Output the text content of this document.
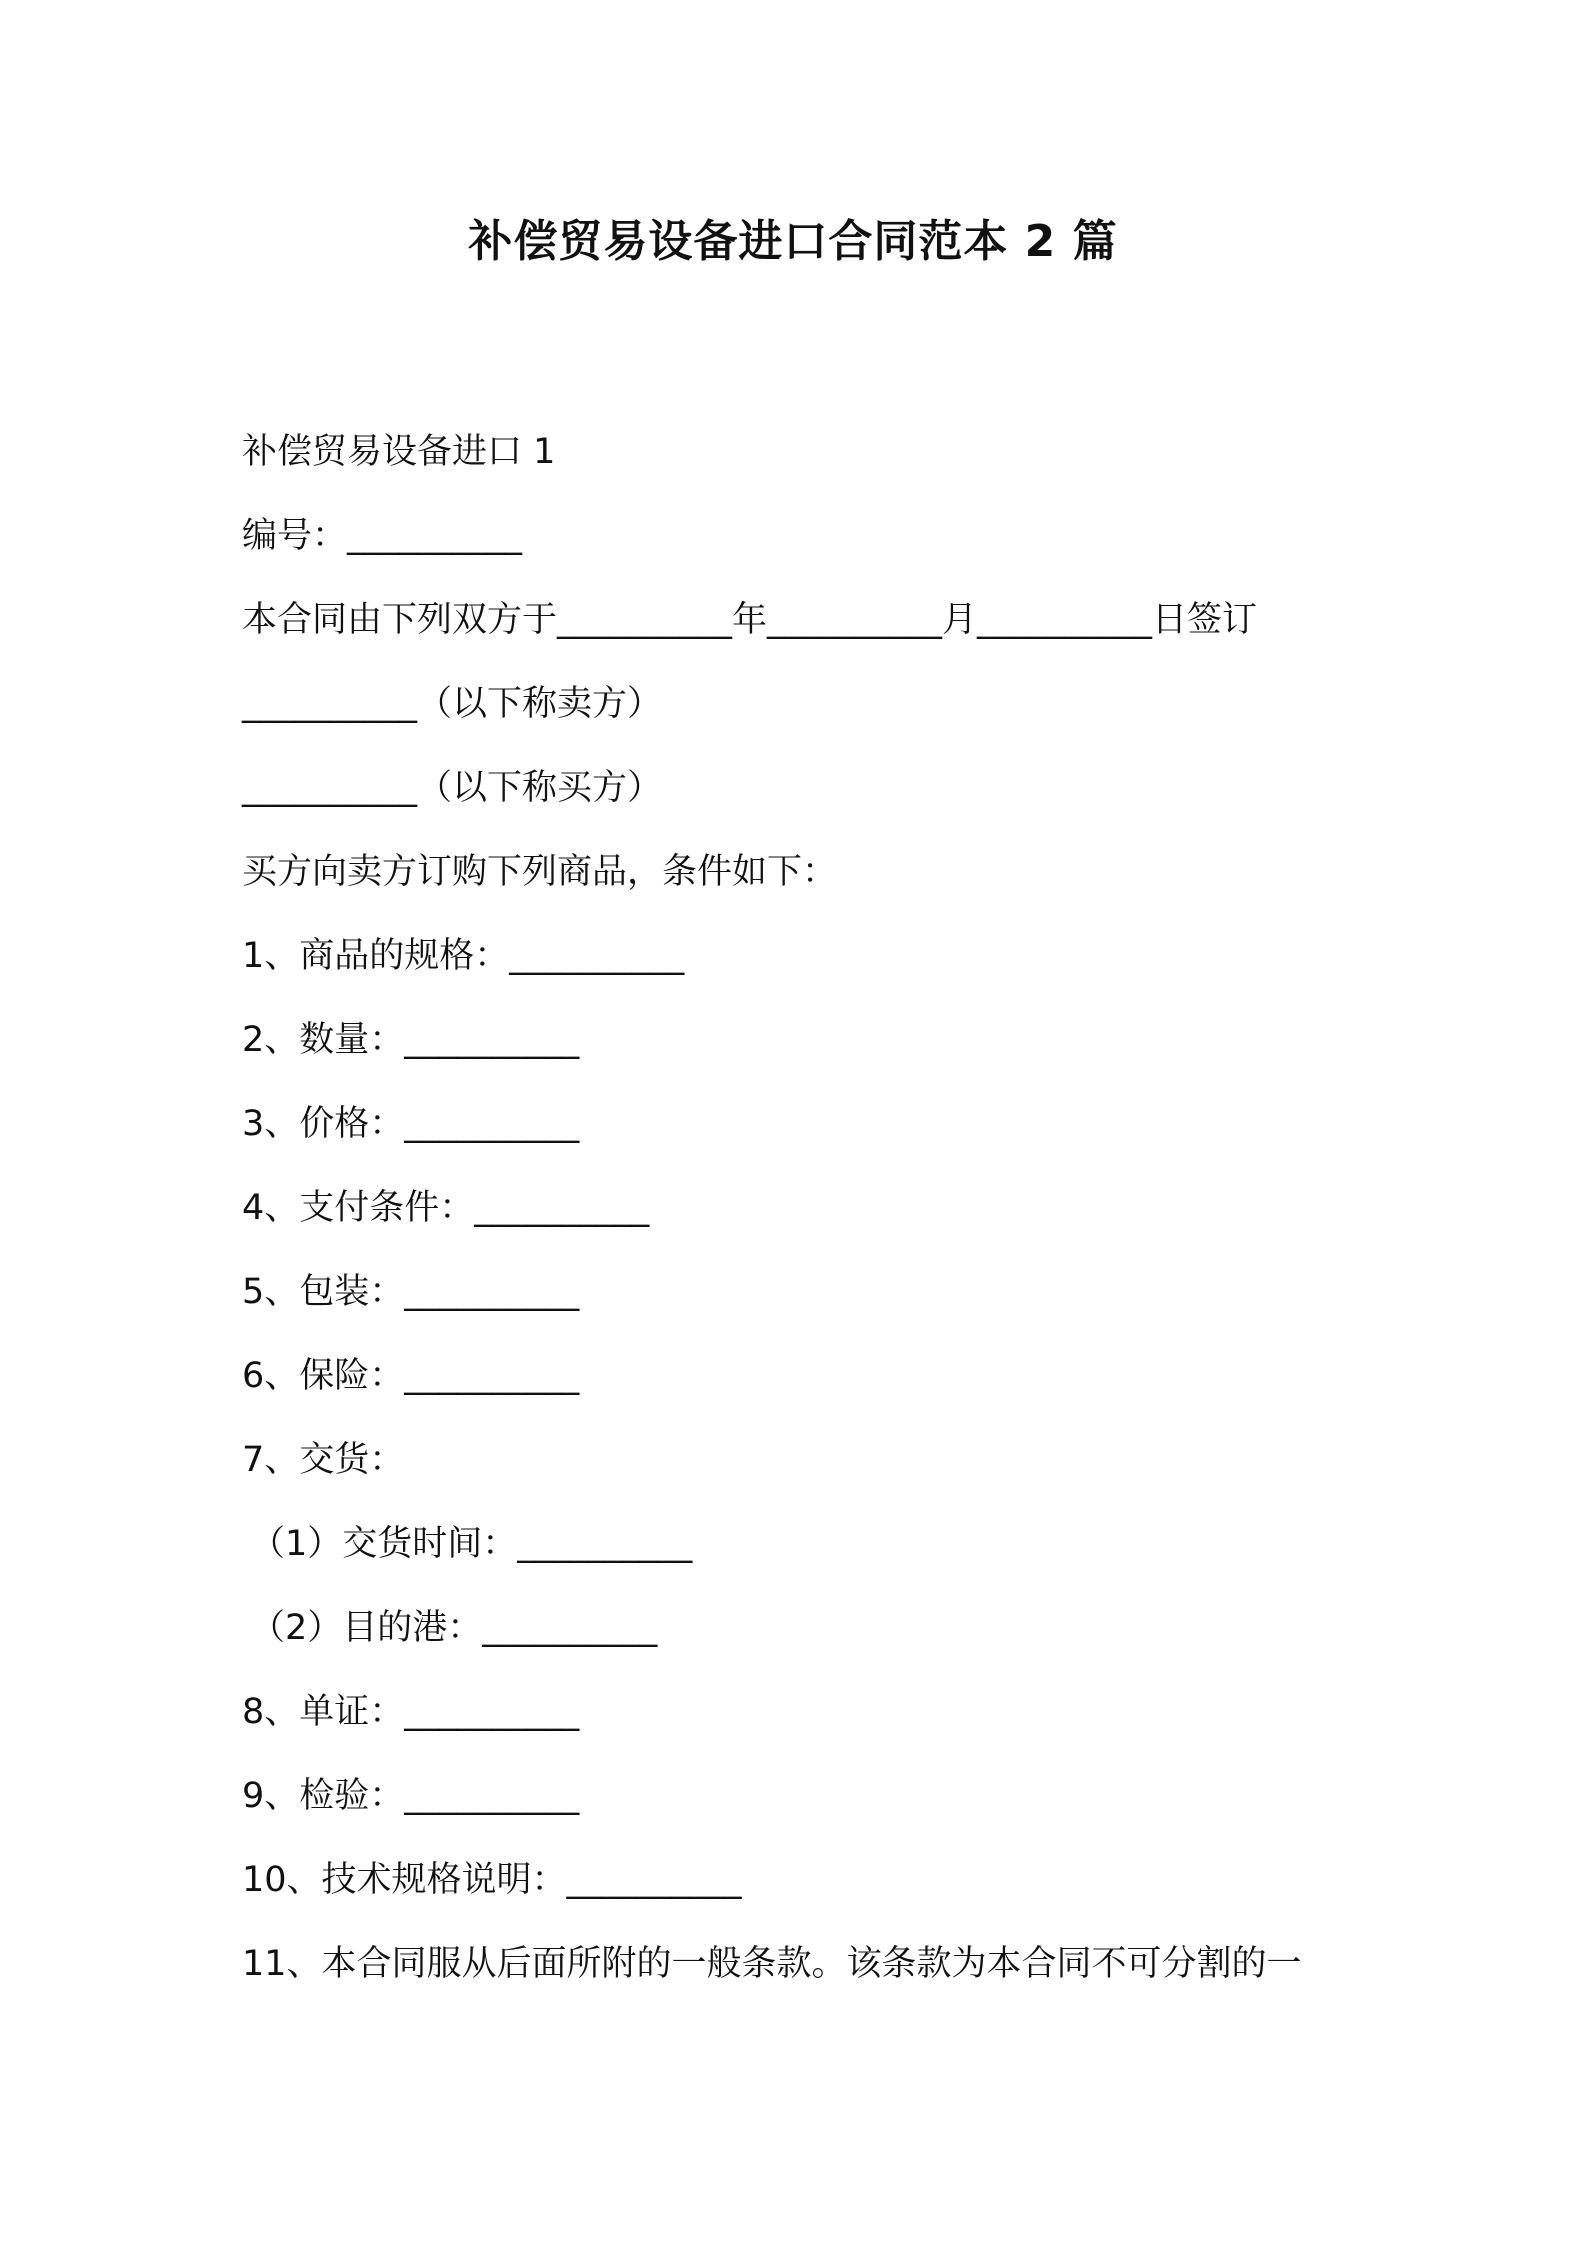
补偿贸易设备进口合同范本 2 篇
补偿贸易设备进口 1
编号：__________
本合同由下列双方于__________年__________月__________日签订
__________（以下称卖方）
__________（以下称买方）
买方向卖方订购下列商品，条件如下：
1、商品的规格：__________
2、数量：__________
3、价格：__________
4、支付条件：__________
5、包装：__________
6、保险：__________
7、交货：
（1）交货时间：__________
（2）目的港：__________
8、单证：__________
9、检验：__________
10、技术规格说明：__________
11、本合同服从后面所附的一般条款。该条款为本合同不可分割的一
